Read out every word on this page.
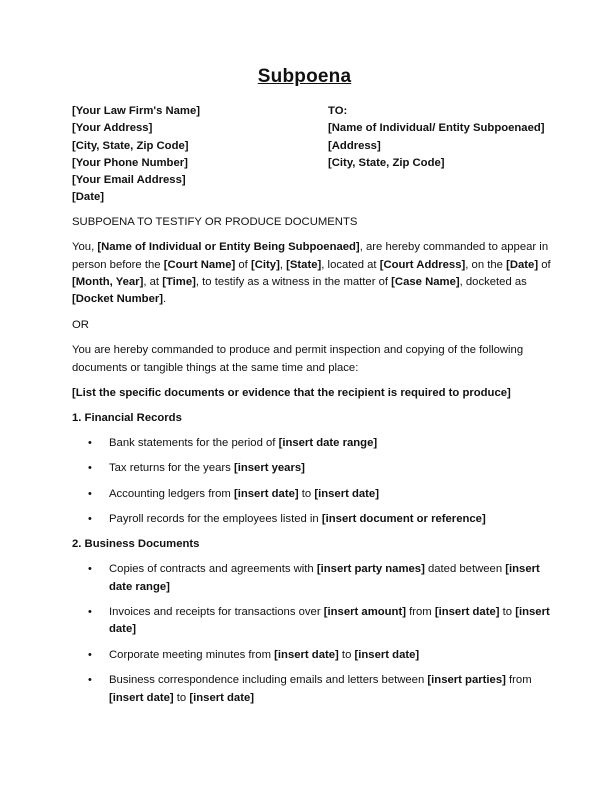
Subpoena
[Your Law Firm's Name]
[Your Address]
[City, State, Zip Code]
[Your Phone Number]
[Your Email Address]
[Date]
TO:
[Name of Individual/ Entity Subpoenaed]
[Address]
[City, State, Zip Code]
SUBPOENA TO TESTIFY OR PRODUCE DOCUMENTS
You, [Name of Individual or Entity Being Subpoenaed], are hereby commanded to appear in
person before the [Court Name] of [City], [State], located at [Court Address], on the [Date] of
[Month, Year], at [Time], to testify as a witness in the matter of [Case Name], docketed as
[Docket Number].
OR
You are hereby commanded to produce and permit inspection and copying of the following
documents or tangible things at the same time and place:
[List the specific documents or evidence that the recipient is required to produce]
1. Financial Records
• Bank statements for the period of [insert date range]
• Tax returns for the years [insert years]
• Accounting ledgers from [insert date] to [insert date]
• Payroll records for the employees listed in [insert document or reference]
2. Business Documents
• Copies of contracts and agreements with [insert party names] dated between [insert
date range]
• Invoices and receipts for transactions over [insert amount] from [insert date] to [insert
date]
• Corporate meeting minutes from [insert date] to [insert date]
• Business correspondence including emails and letters between [insert parties] from
[insert date] to [insert date]
